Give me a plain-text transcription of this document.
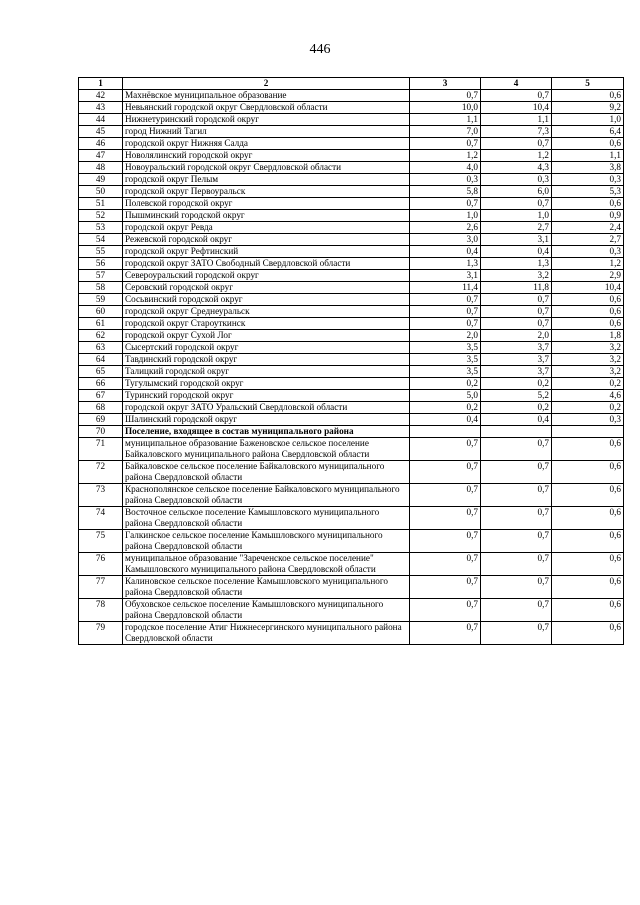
446
1	2	3	4	5
42	Махнёвское муниципальное образование	0,7	0,7	0,6
43	Невьянский городской округ Свердловской области	10,0	10,4	9,2
44	Нижнетуринский городской округ	1,1	1,1	1,0
45	город Нижний Тагил	7,0	7,3	6,4
46	городской округ Нижняя Салда	0,7	0,7	0,6
47	Новолялинский городской округ	1,2	1,2	1,1
48	Новоуральский городской округ Свердловской области	4,0	4,3	3,8
49	городской округ Пелым	0,3	0,3	0,3
50	городской округ Первоуральск	5,8	6,0	5,3
51	Полевской городской округ	0,7	0,7	0,6
52	Пышминский городской округ	1,0	1,0	0,9
53	городской округ Ревда	2,6	2,7	2,4
54	Режевской городской округ	3,0	3,1	2,7
55	городской округ Рефтинский	0,4	0,4	0,3
56	городской округ ЗАТО Свободный Свердловской области	1,3	1,3	1,2
57	Североуральский городской округ	3,1	3,2	2,9
58	Серовский городской округ	11,4	11,8	10,4
59	Сосьвинский городской округ	0,7	0,7	0,6
60	городской округ Среднеуральск	0,7	0,7	0,6
61	городской округ Староуткинск	0,7	0,7	0,6
62	городской округ Сухой Лог	2,0	2,0	1,8
63	Сысертский городской округ	3,5	3,7	3,2
64	Тавдинский городской округ	3,5	3,7	3,2
65	Талицкий городской округ	3,5	3,7	3,2
66	Тугулымский городской округ	0,2	0,2	0,2
67	Туринский городской округ	5,0	5,2	4,6
68	городской округ ЗАТО Уральский Свердловской области	0,2	0,2	0,2
69	Шалинский городской округ	0,4	0,4	0,3
70	Поселение, входящее в состав муниципального района			
71	муниципальное образование Баженовское сельское поселение Байкаловского муниципального района Свердловской области	0,7	0,7	0,6
72	Байкаловское сельское поселение Байкаловского муниципального района Свердловской области	0,7	0,7	0,6
73	Краснополянское сельское поселение Байкаловского муниципального района Свердловской области	0,7	0,7	0,6
74	Восточное сельское поселение Камышловского муниципального района Свердловской области	0,7	0,7	0,6
75	Галкинское сельское поселение Камышловского муниципального района Свердловской области	0,7	0,7	0,6
76	муниципальное образование "Зареченское сельское поселение" Камышловского муниципального района Свердловской области	0,7	0,7	0,6
77	Калиновское сельское поселение Камышловского муниципального района Свердловской области	0,7	0,7	0,6
78	Обуховское сельское поселение Камышловского муниципального района Свердловской области	0,7	0,7	0,6
79	городское поселение Атиг Нижнесергинского муниципального района Свердловской области	0,7	0,7	0,6
